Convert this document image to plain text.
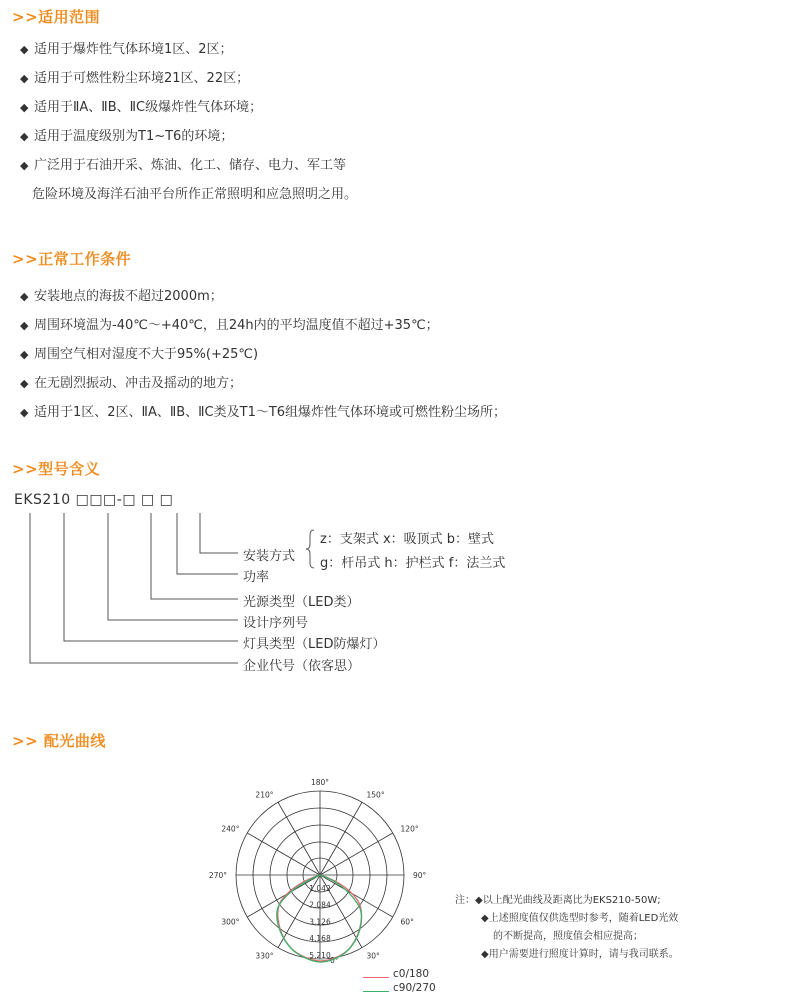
>>适用范围
◆ 适用于爆炸性气体环境1区、2区；
◆ 适用于可燃性粉尘环境21区、22区；
◆ 适用于ⅡA、ⅡB、ⅡC级爆炸性气体环境；
◆ 适用于温度级别为T1~T6的环境；
◆ 广泛用于石油开采、炼油、化工、储存、电力、军工等
危险环境及海洋石油平台所作正常照明和应急照明之用。
>>正常工作条件
◆ 安装地点的海拔不超过2000m；
◆ 周围环境温为-40℃～+40℃，且24h内的平均温度值不超过+35℃；
◆ 周围空气相对湿度不大于95%(+25℃)
◆ 在无剧烈振动、冲击及摇动的地方；
◆ 适用于1区、2区、ⅡA、ⅡB、ⅡC类及T1～T6组爆炸性气体环境或可燃性粉尘场所；
>>型号含义
EKS210 □□□-□ □ □
安装方式
z：支架式 x：吸顶式 b：壁式
g：杆吊式 h：护栏式 f：法兰式
功率
光源类型（LED类）
设计序列号
灯具类型（LED防爆灯）
企业代号（依客思）
>> 配光曲线
180°
150°
120°
90°
60°
30°
330°
300°
270°
240°
210°
0°
1,042
2,084
3,126
4,168
5,210
注：◆以上配光曲线及距离比为EKS210-50W;
◆上述照度值仅供选型时参考，随着LED光效
的不断提高，照度值会相应提高；
◆用户需要进行照度计算时，请与我司联系。
c0/180
c90/270
